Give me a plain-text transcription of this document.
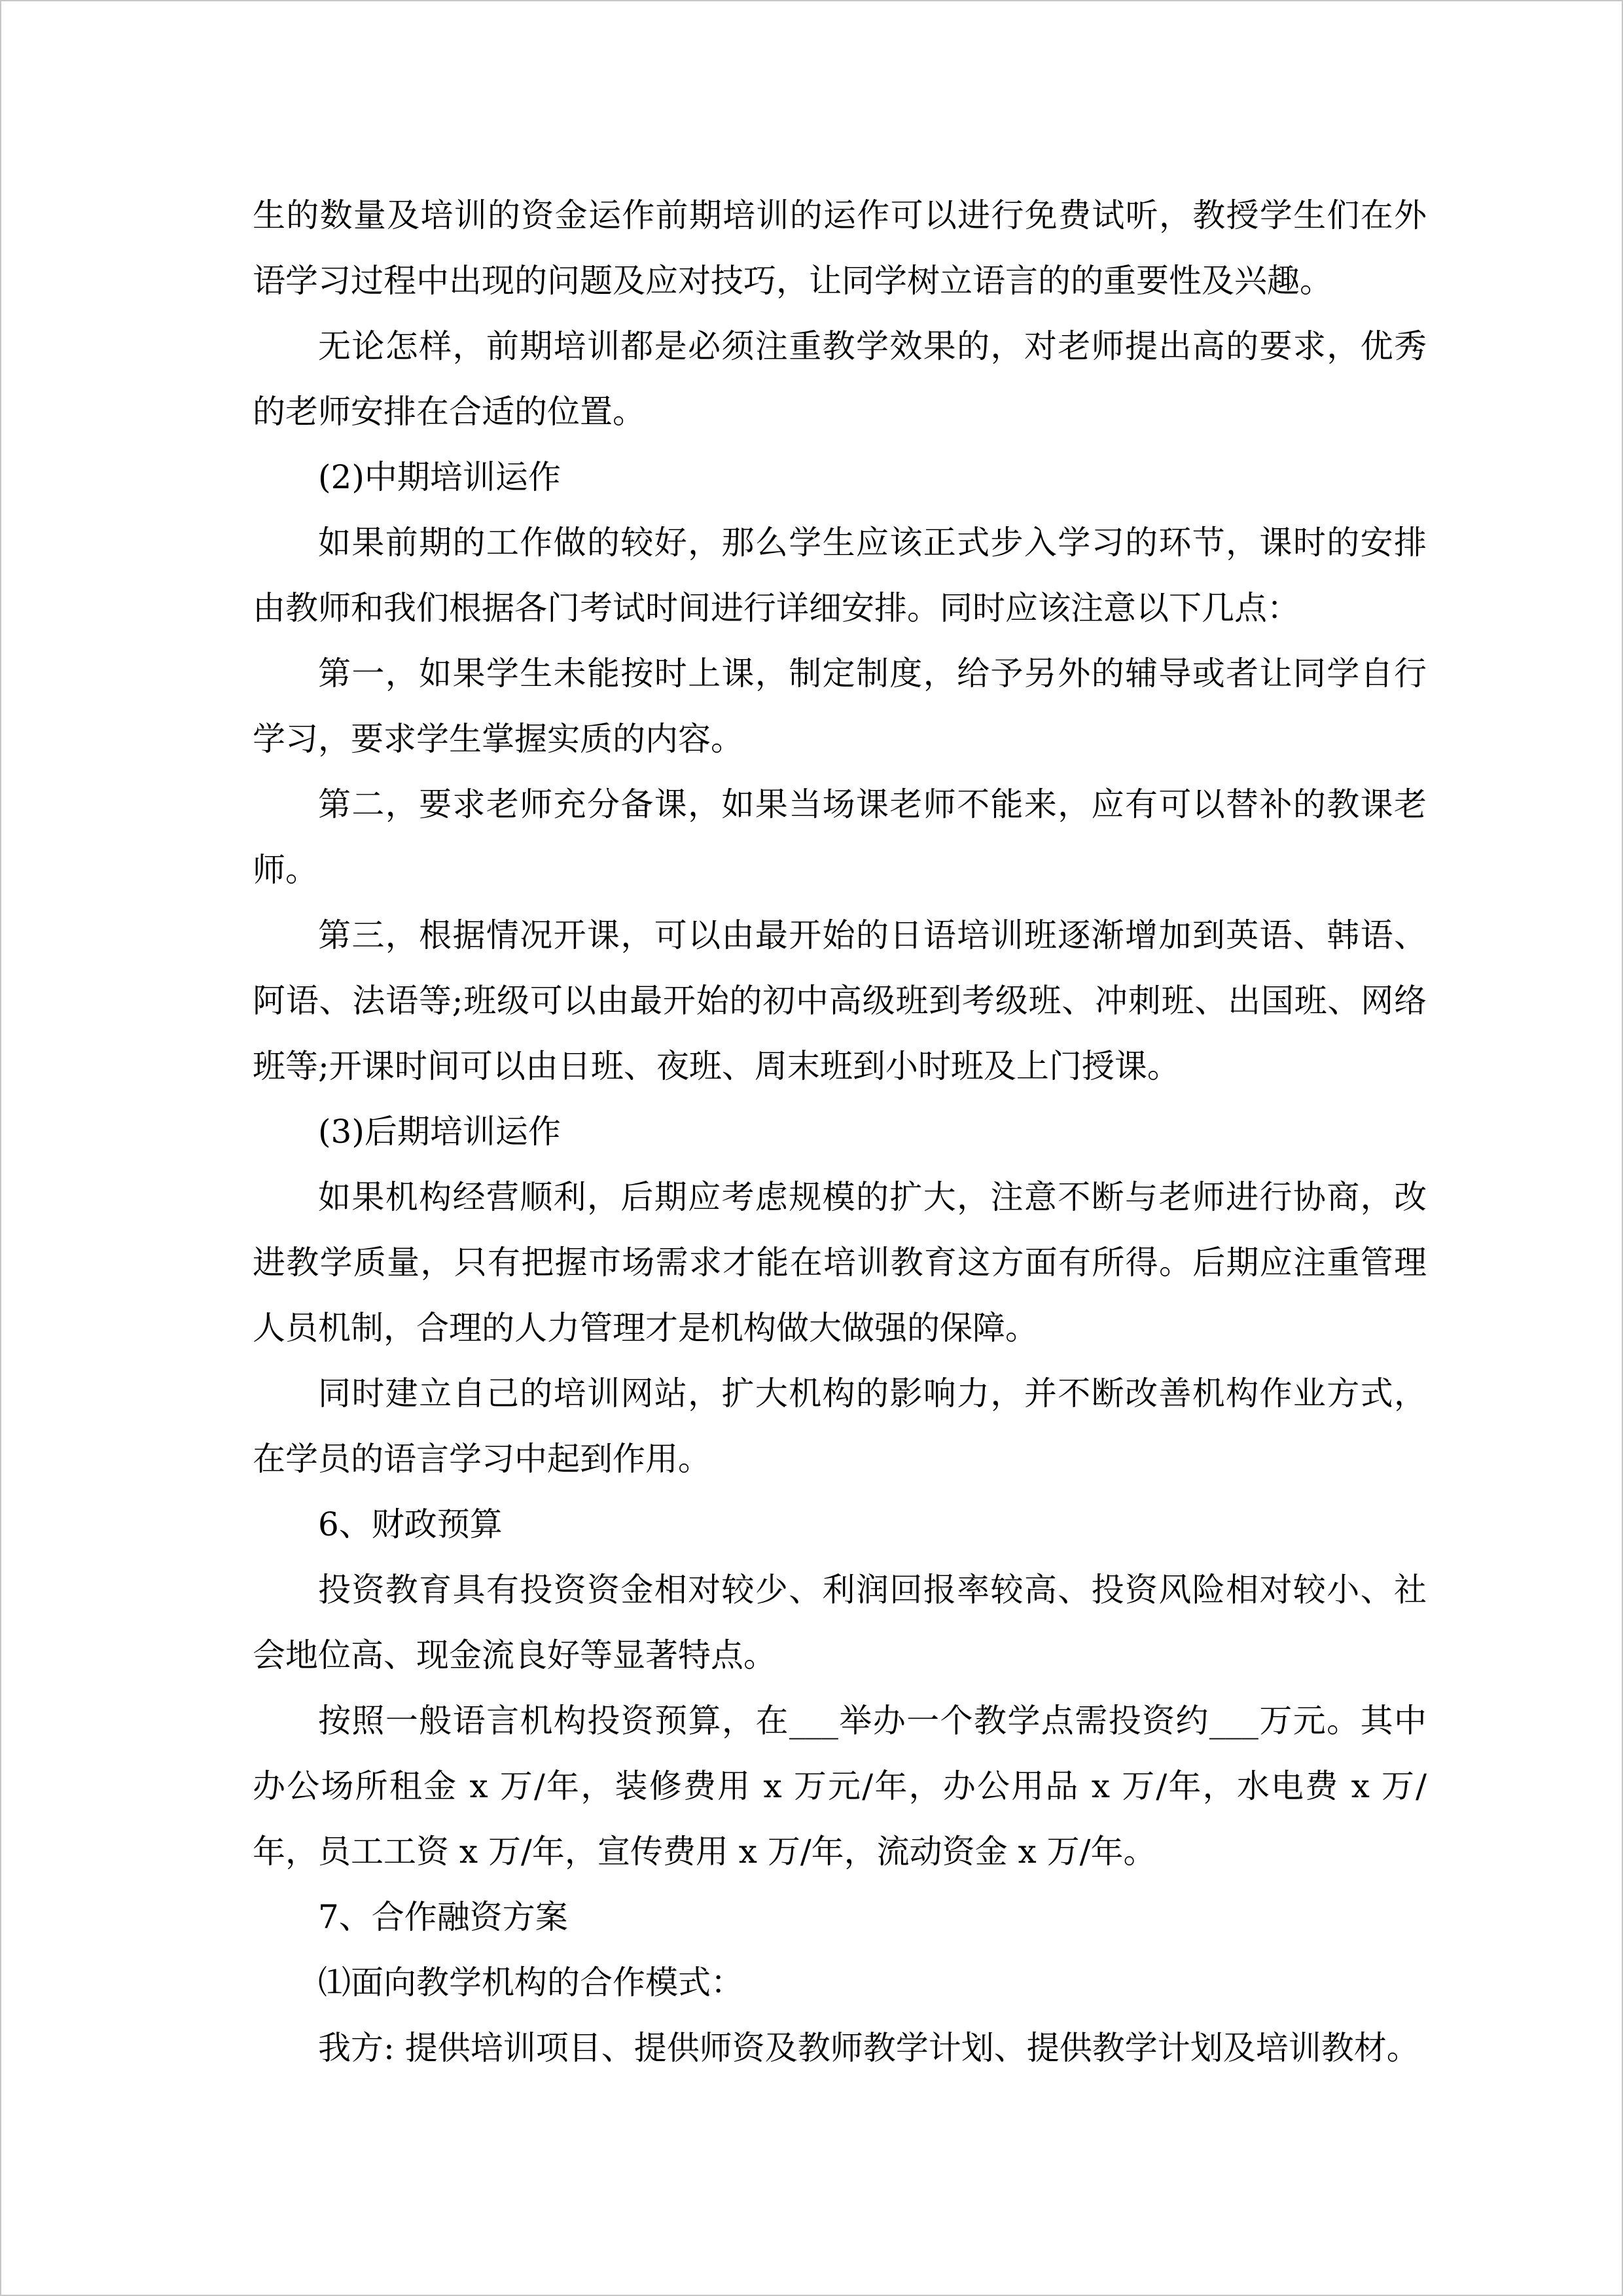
生的数量及培训的资金运作前期培训的运作可以进行免费试听，教授学生们在外语学习过程中出现的问题及应对技巧，让同学树立语言的的重要性及兴趣。

无论怎样，前期培训都是必须注重教学效果的，对老师提出高的要求，优秀的老师安排在合适的位置。

(2)中期培训运作

如果前期的工作做的较好，那么学生应该正式步入学习的环节，课时的安排由教师和我们根据各门考试时间进行详细安排。同时应该注意以下几点：

第一，如果学生未能按时上课，制定制度，给予另外的辅导或者让同学自行学习，要求学生掌握实质的内容。

第二，要求老师充分备课，如果当场课老师不能来，应有可以替补的教课老师。

第三，根据情况开课，可以由最开始的日语培训班逐渐增加到英语、韩语、阿语、法语等;班级可以由最开始的初中高级班到考级班、冲刺班、出国班、网络班等;开课时间可以由日班、夜班、周末班到小时班及上门授课。

(3)后期培训运作

如果机构经营顺利，后期应考虑规模的扩大，注意不断与老师进行协商，改进教学质量，只有把握市场需求才能在培训教育这方面有所得。后期应注重管理人员机制，合理的人力管理才是机构做大做强的保障。

同时建立自己的培训网站，扩大机构的影响力，并不断改善机构作业方式，在学员的语言学习中起到作用。

6、财政预算

投资教育具有投资资金相对较少、利润回报率较高、投资风险相对较小、社会地位高、现金流良好等显著特点。

按照一般语言机构投资预算，在___举办一个教学点需投资约___万元。其中办公场所租金 x 万/年，装修费用 x 万元/年，办公用品 x 万/年，水电费 x 万/年，员工工资 x 万/年，宣传费用 x 万/年，流动资金 x 万/年。

7、合作融资方案

⑴面向教学机构的合作模式：

我方: 提供培训项目、提供师资及教师教学计划、提供教学计划及培训教材。
